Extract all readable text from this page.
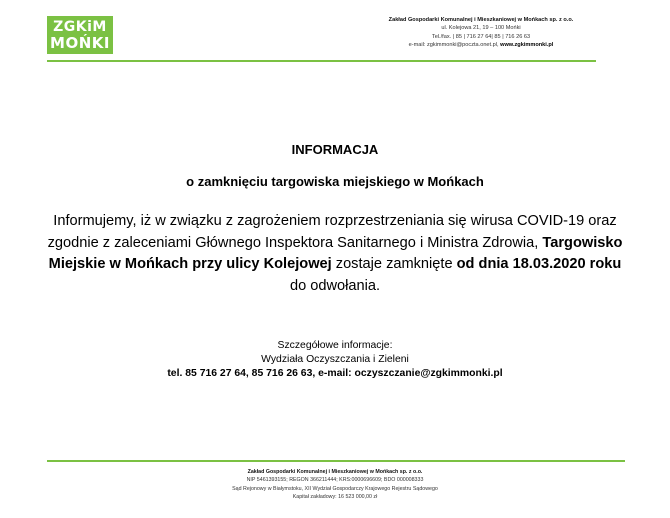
ZGKiM
MOŃKI
Zakład Gospodarki Komunalnej i Mieszkaniowej w Mońkach sp. z o.o.
ul. Kolejowa 21, 19 – 100 Mońki
Tel./fax. | 85 | 716 27 64| 85 | 716 26 63
e-mail: zgkimmonki@poczta.onet.pl, www.zgkimmonki.pl
INFORMACJA
o zamknięciu targowiska miejskiego w Mońkach
Informujemy, iż w związku z zagrożeniem rozprzestrzeniania się wirusa COVID-19 oraz zgodnie z zaleceniami Głównego Inspektora Sanitarnego i Ministra Zdrowia, Targowisko Miejskie w Mońkach przy ulicy Kolejowej zostaje zamknięte od dnia 18.03.2020 roku do odwołania.
Szczegółowe informacje:
Wydziała Oczyszczania i Zieleni
tel. 85 716 27 64, 85 716 26 63, e-mail: oczyszczanie@zgkimmonki.pl
Zakład Gospodarki Komunalnej i Mieszkaniowej w Mońkach sp. z o.o.
NIP 5461393155; REGON 366211444; KRS:0000696609; BDO 000008333
Sąd Rejonowy w Białymstoku, XII Wydział Gospodarczy Krajowego Rejestru Sądowego
Kapitał zakładowy: 16 523 000,00 zł
